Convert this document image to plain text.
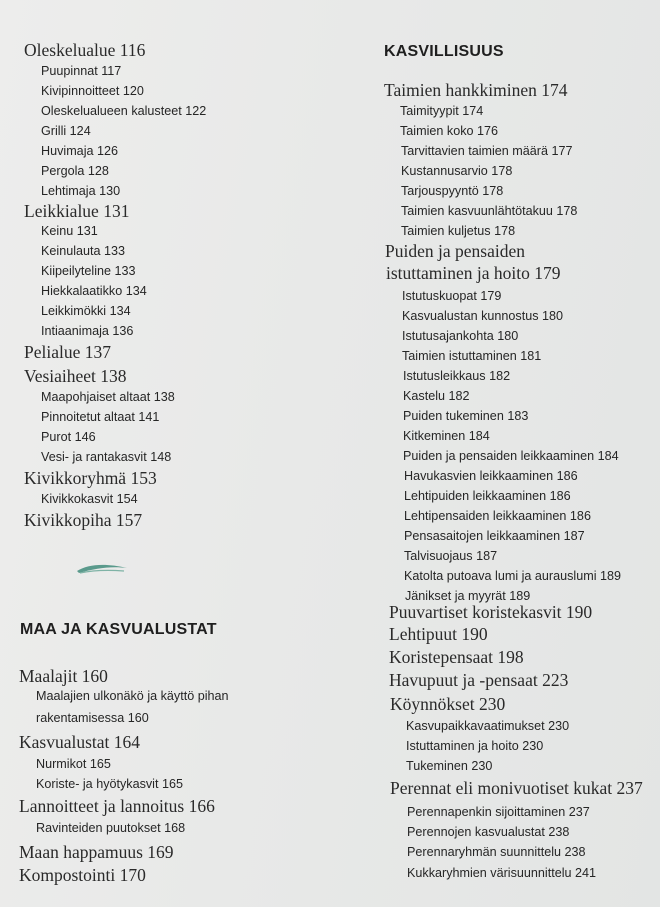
MAA JA KASVUALUSTAT
Oleskelualue 116
Puupinnat 117
Kivipinnoitteet 120
Oleskelualueen kalusteet 122
Grilli 124
Huvimaja 126
Pergola 128
Lehtimaja 130
Leikkialue 131
Keinu 131
Keinulauta 133
Kiipeilyteline 133
Hiekkalaatikko 134
Leikkimökki 134
Intiaanimaja 136
Pelialue 137
Vesiaiheet 138
Maapohjaiset altaat 138
Pinnoitetut altaat 141
Purot 146
Vesi- ja rantakasvit 148
Kivikkoryhmä 153
Kivikkokasvit 154
Kivikkopiha 157
Maalajit 160
Maalajien ulkonäkö ja käyttö pihan
rakentamisessa 160
Kasvualustat 164
Nurmikot 165
Koriste- ja hyötykasvit 165
Lannoitteet ja lannoitus 166
Ravinteiden puutokset 168
Maan happamuus 169
Kompostointi 170
KASVILLISUUS
Taimien hankkiminen 174
Taimityypit 174
Taimien koko 176
Tarvittavien taimien määrä 177
Kustannusarvio 178
Tarjouspyyntö 178
Taimien kasvuunlähtötakuu 178
Taimien kuljetus 178
Puiden ja pensaiden
istuttaminen ja hoito 179
Istutuskuopat 179
Kasvualustan kunnostus 180
Istutusajankohta 180
Taimien istuttaminen 181
Istutusleikkaus 182
Kastelu 182
Puiden tukeminen 183
Kitkeminen 184
Puiden ja pensaiden leikkaaminen 184
Havukasvien leikkaaminen 186
Lehtipuiden leikkaaminen 186
Lehtipensaiden leikkaaminen 186
Pensasaitojen leikkaaminen 187
Talvisuojaus 187
Katolta putoava lumi ja aurauslumi 189
Jänikset ja myyrät 189
Puuvartiset koristekasvit 190
Lehtipuut 190
Koristepensaat 198
Havupuut ja -pensaat 223
Köynnökset 230
Kasvupaikkavaatimukset 230
Istuttaminen ja hoito 230
Tukeminen 230
Perennat eli monivuotiset kukat 237
Perennapenkin sijoittaminen 237
Perennojen kasvualustat 238
Perennaryhmän suunnittelu 238
Kukkaryhmien värisuunnittelu 241
